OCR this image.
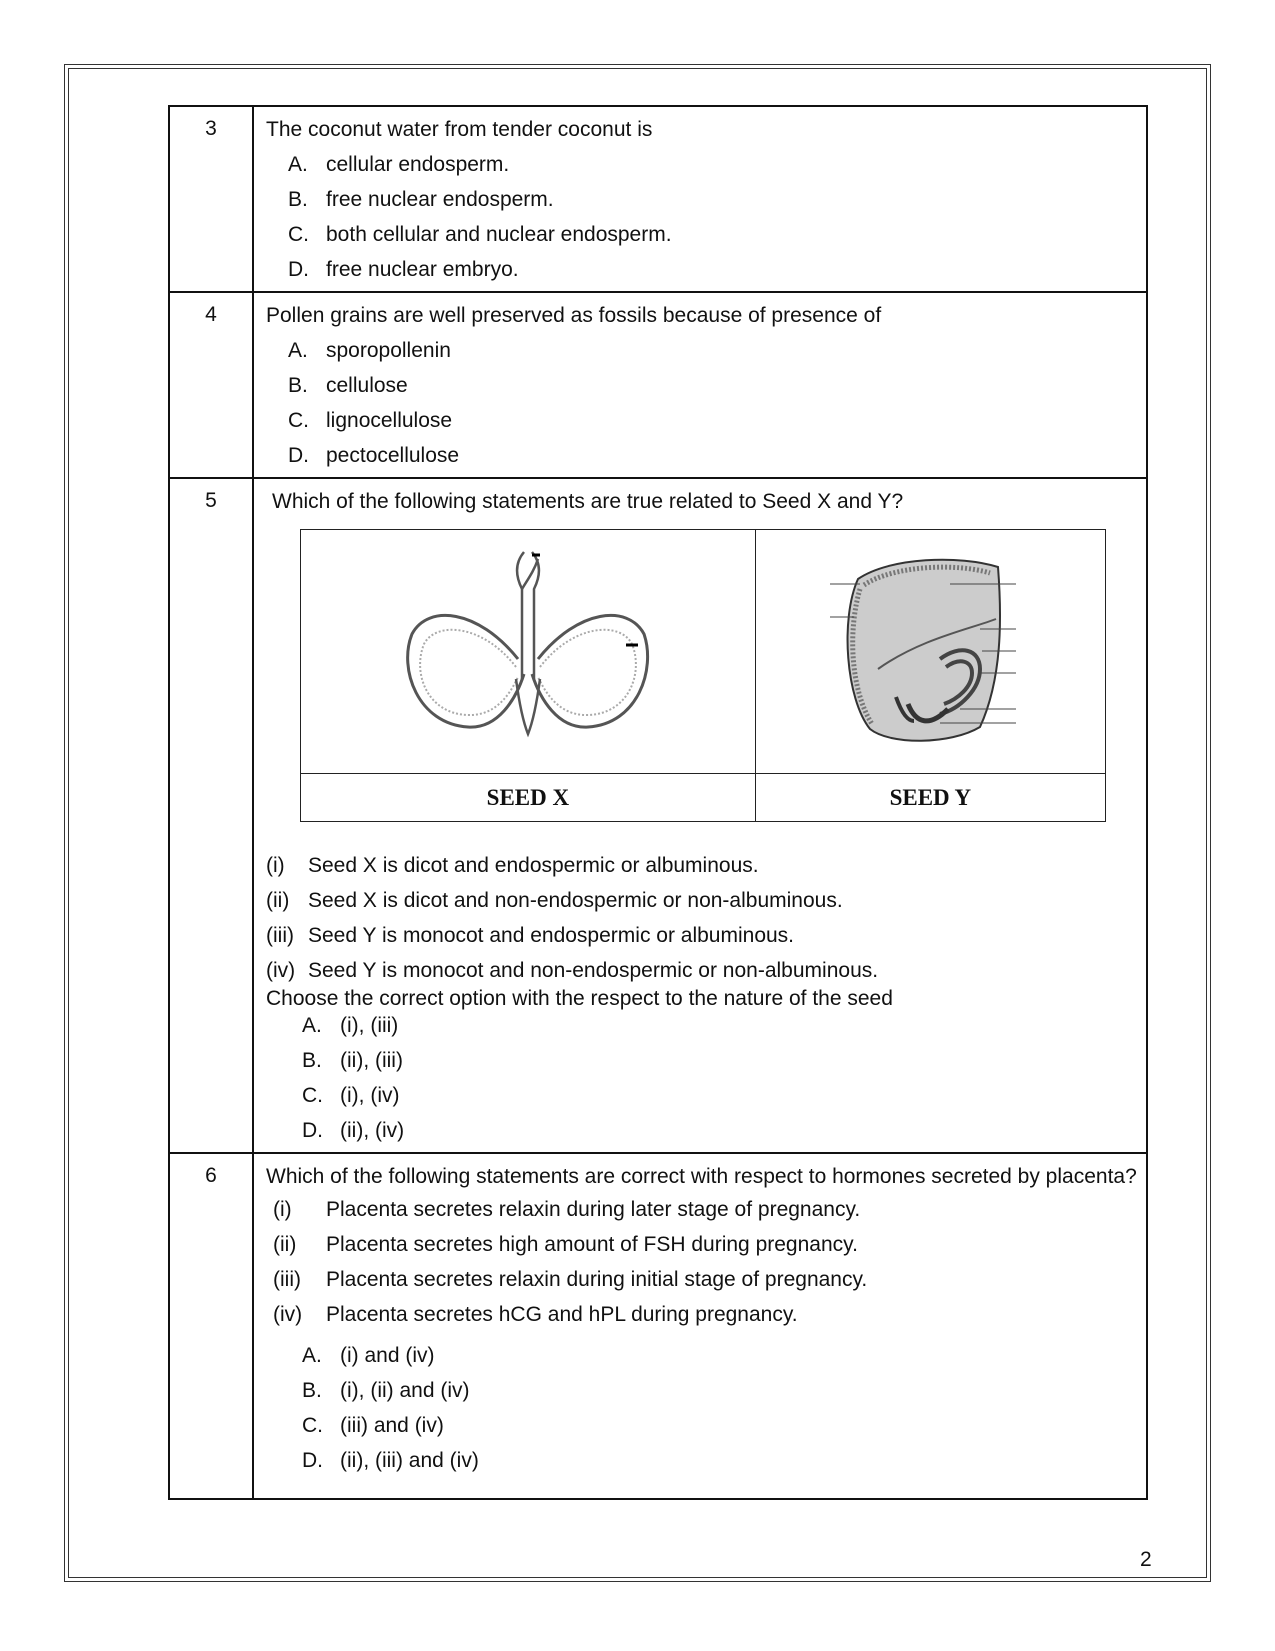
3	The coconut water from tender coconut is
A. cellular endosperm.
B. free nuclear endosperm.
C. both cellular and nuclear endosperm.
D. free nuclear embryo.

4	Pollen grains are well preserved as fossils because of presence of
A. sporopollenin
B. cellulose
C. lignocellulose
D. pectocellulose

5	Which of the following statements are true related to Seed X and Y?

SEED X	SEED Y
(i)	Seed X is dicot and endospermic or albuminous.
(ii) Seed X is dicot and non-endospermic or non-albuminous.
(iii) Seed Y is monocot and endospermic or albuminous.
(iv) Seed Y is monocot and non-endospermic or non-albuminous.
Choose the correct option with the respect to the nature of the seed
A. (i), (iii)
B. (ii), (iii)
C. (i), (iv)
D. (ii), (iv)

6	Which of the following statements are correct with respect to hormones secreted by placenta?
(i)	Placenta secretes relaxin during later stage of pregnancy.
(ii)	Placenta secretes high amount of FSH during pregnancy.
(iii)	Placenta secretes relaxin during initial stage of pregnancy.
(iv)	Placenta secretes hCG and hPL during pregnancy.
A. (i) and (iv)
B. (i), (ii) and (iv)
C. (iii) and (iv)
D. (ii), (iii) and (iv)
2
